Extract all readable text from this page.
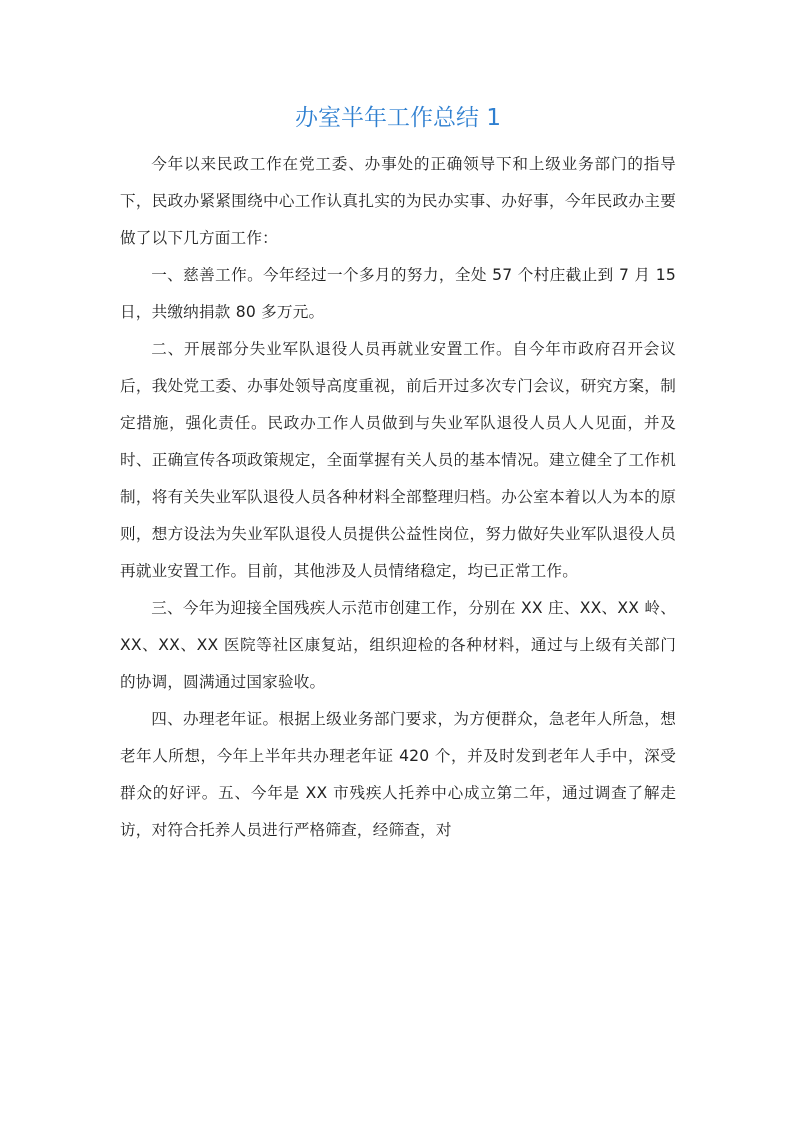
办室半年工作总结 1

今年以来民政工作在党工委、办事处的正确领导下和上级业务部门的指导下，民政办紧紧围绕中心工作认真扎实的为民办实事、办好事，今年民政办主要做了以下几方面工作：

一、慈善工作。今年经过一个多月的努力，全处 57 个村庄截止到 7 月 15 日，共缴纳捐款 80 多万元。

二、开展部分失业军队退役人员再就业安置工作。自今年市政府召开会议后，我处党工委、办事处领导高度重视，前后开过多次专门会议，研究方案，制定措施，强化责任。民政办工作人员做到与失业军队退役人员人人见面，并及时、正确宣传各项政策规定，全面掌握有关人员的基本情况。建立健全了工作机制，将有关失业军队退役人员各种材料全部整理归档。办公室本着以人为本的原则，想方设法为失业军队退役人员提供公益性岗位，努力做好失业军队退役人员再就业安置工作。目前，其他涉及人员情绪稳定，均已正常工作。

三、今年为迎接全国残疾人示范市创建工作，分别在 XX 庄、XX、XX 岭、XX、XX、XX 医院等社区康复站，组织迎检的各种材料，通过与上级有关部门的协调，圆满通过国家验收。

四、办理老年证。根据上级业务部门要求，为方便群众，急老年人所急，想老年人所想，今年上半年共办理老年证 420 个，并及时发到老年人手中，深受群众的好评。五、今年是 XX 市残疾人托养中心成立第二年，通过调查了解走访，对符合托养人员进行严格筛查，经筛查，对
